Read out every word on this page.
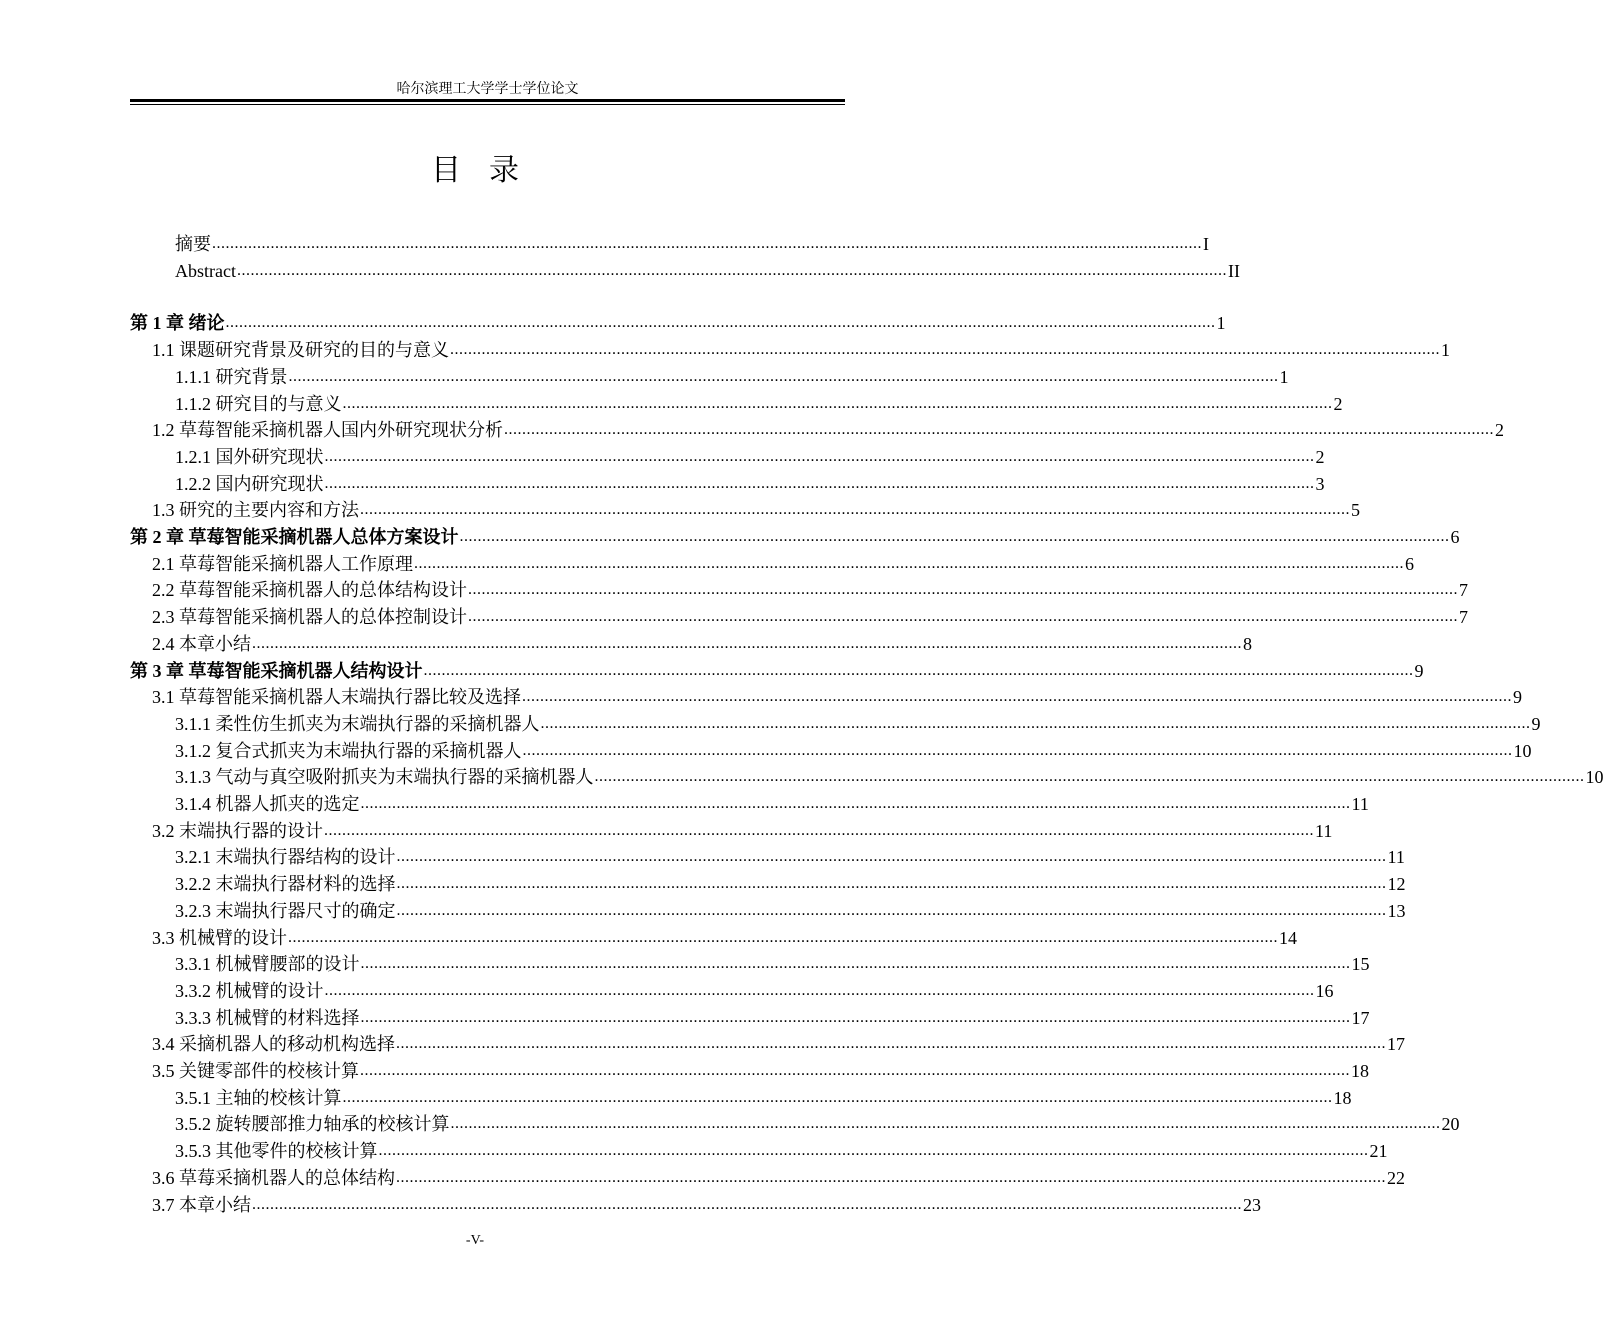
哈尔滨理工大学学士学位论文
目录
摘要 ............................................................................................................................................................................................................................ I
Abstract ............................................................................................................................................................................................................................ II
第 1 章 绪论 ............................................................................................................................................................................................................................ 1
1.1 课题研究背景及研究的目的与意义 ............................................................................................................................................................................................................................ 1
1.1.1 研究背景 ............................................................................................................................................................................................................................ 1
1.1.2 研究目的与意义 ............................................................................................................................................................................................................................ 2
1.2 草莓智能采摘机器人国内外研究现状分析 ............................................................................................................................................................................................................................ 2
1.2.1 国外研究现状 ............................................................................................................................................................................................................................ 2
1.2.2 国内研究现状 ............................................................................................................................................................................................................................ 3
1.3 研究的主要内容和方法 ............................................................................................................................................................................................................................ 5
第 2 章 草莓智能采摘机器人总体方案设计 ............................................................................................................................................................................................................................ 6
2.1 草莓智能采摘机器人工作原理 ............................................................................................................................................................................................................................ 6
2.2 草莓智能采摘机器人的总体结构设计 ............................................................................................................................................................................................................................ 7
2.3 草莓智能采摘机器人的总体控制设计 ............................................................................................................................................................................................................................ 7
2.4 本章小结 ............................................................................................................................................................................................................................ 8
第 3 章 草莓智能采摘机器人结构设计 ............................................................................................................................................................................................................................ 9
3.1 草莓智能采摘机器人末端执行器比较及选择 ............................................................................................................................................................................................................................ 9
3.1.1 柔性仿生抓夹为末端执行器的采摘机器人 ............................................................................................................................................................................................................................ 9
3.1.2 复合式抓夹为末端执行器的采摘机器人 ............................................................................................................................................................................................................................ 10
3.1.3 气动与真空吸附抓夹为末端执行器的采摘机器人 ............................................................................................................................................................................................................................ 10
3.1.4 机器人抓夹的选定 ............................................................................................................................................................................................................................ 11
3.2 末端执行器的设计 ............................................................................................................................................................................................................................ 11
3.2.1 末端执行器结构的设计 ............................................................................................................................................................................................................................ 11
3.2.2 末端执行器材料的选择 ............................................................................................................................................................................................................................ 12
3.2.3 末端执行器尺寸的确定 ............................................................................................................................................................................................................................ 13
3.3 机械臂的设计 ............................................................................................................................................................................................................................ 14
3.3.1 机械臂腰部的设计 ............................................................................................................................................................................................................................ 15
3.3.2 机械臂的设计 ............................................................................................................................................................................................................................ 16
3.3.3 机械臂的材料选择 ............................................................................................................................................................................................................................ 17
3.4 采摘机器人的移动机构选择 ............................................................................................................................................................................................................................ 17
3.5 关键零部件的校核计算 ............................................................................................................................................................................................................................ 18
3.5.1 主轴的校核计算 ............................................................................................................................................................................................................................ 18
3.5.2 旋转腰部推力轴承的校核计算 ............................................................................................................................................................................................................................ 20
3.5.3 其他零件的校核计算 ............................................................................................................................................................................................................................ 21
3.6 草莓采摘机器人的总体结构 ............................................................................................................................................................................................................................ 22
3.7 本章小结 ............................................................................................................................................................................................................................ 23
-V-
